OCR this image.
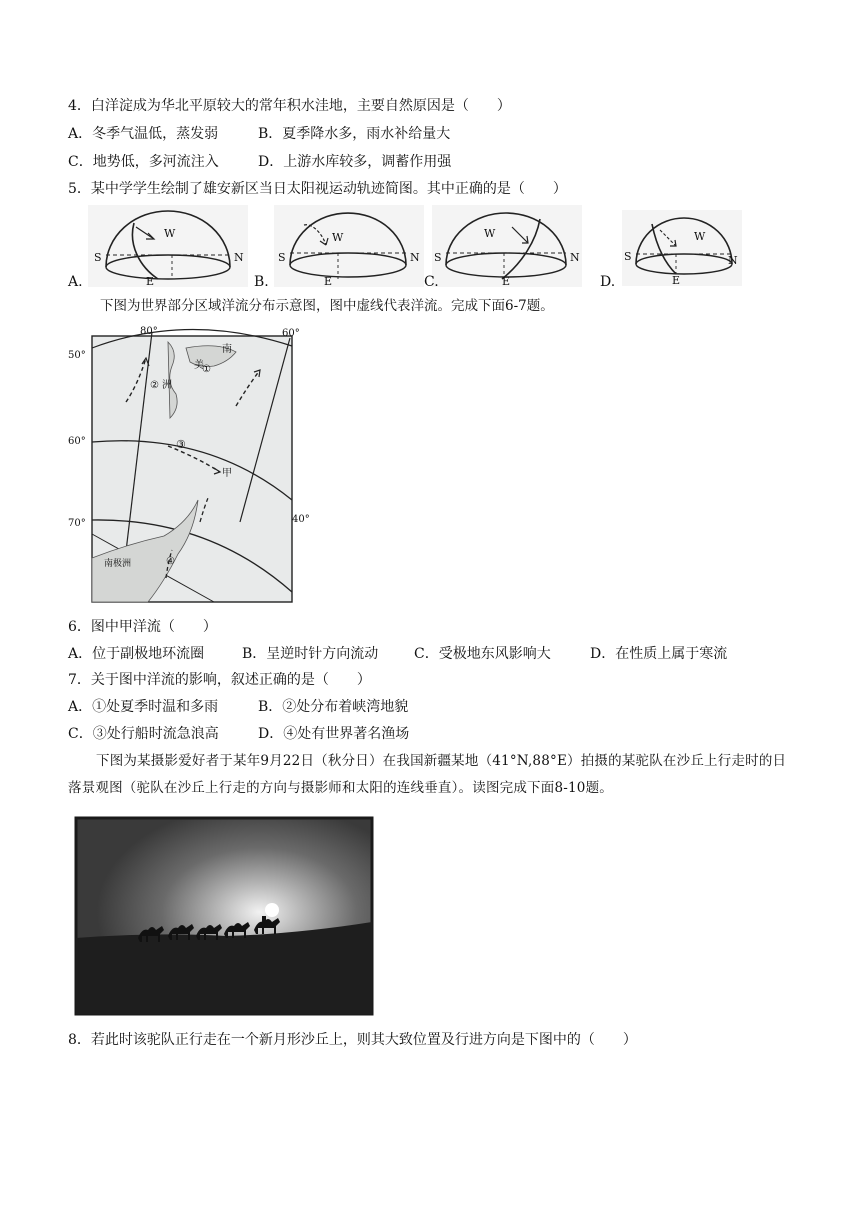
4．白洋淀成为华北平原较大的常年积水洼地，主要自然原因是（　　）
A．冬季气温低，蒸发弱	B．夏季降水多，雨水补给量大
C．地势低，多河流注入	D．上游水库较多，调蓄作用强
5．某中学学生绘制了雄安新区当日太阳视运动轨迹简图。其中正确的是（　　）
S	N
W
E
A.
S	N
W
E
B.
S	N
W
E
C.
S	N
W
E
D.
下图为世界部分区域洋流分布示意图，图中虚线代表洋流。完成下面6-7题。
80°	60°
40°
50°
60°
70°
南
美
② 洲
①
③
甲
④
南极洲
6．图中甲洋流（　　）
A．位于副极地环流圈	B．呈逆时针方向流动	C．受极地东风影响大	D．在性质上属于寒流
7．关于图中洋流的影响，叙述正确的是（　　）
A．①处夏季时温和多雨	B．②处分布着峡湾地貌
C．③处行船时流急浪高	D．④处有世界著名渔场
下图为某摄影爱好者于某年9月22日（秋分日）在我国新疆某地（41°N,88°E）拍摄的某驼队在沙丘上行走时的日落景观图（驼队在沙丘上行走的方向与摄影师和太阳的连线垂直）。读图完成下面8-10题。
8．若此时该驼队正行走在一个新月形沙丘上，则其大致位置及行进方向是下图中的（　　）
